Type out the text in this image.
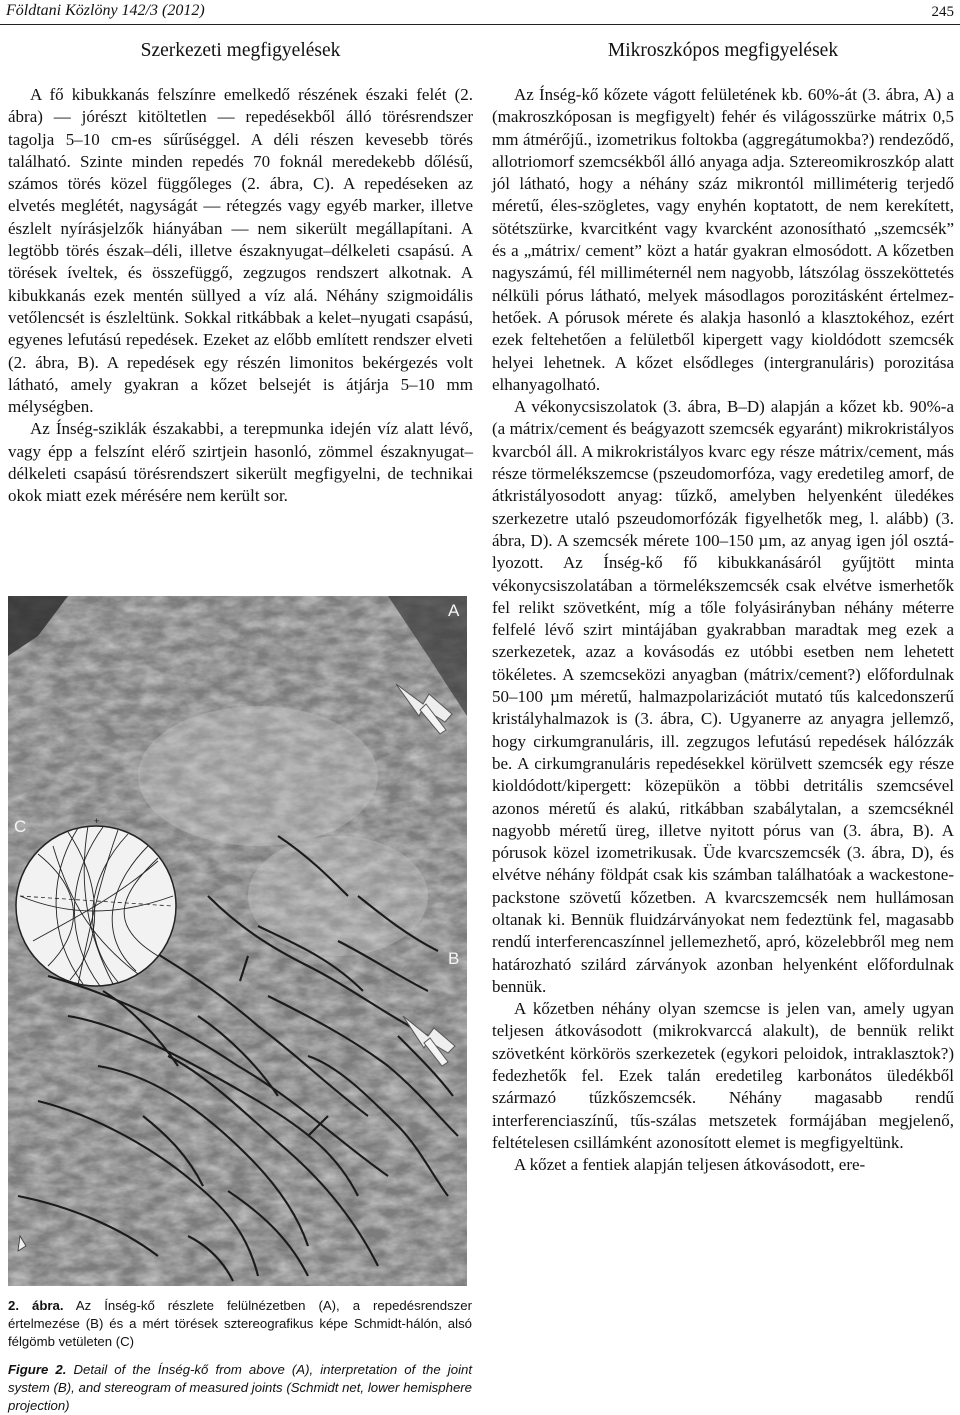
Földtani Közlöny 142/3 (2012)	245
Szerkezeti megfigyelések

A fő kibukkanás felszínre emelkedő részének északi felét (2. ábra) — jórészt kitöltetlen — repedésekből álló törésrendszer tagolja 5–10 cm-es sűrűséggel. A déli részen kevesebb törés található. Szinte minden repedés 70 foknál meredekebb dőlésű, számos törés közel függőleges (2. ábra, C). A repedéseken az elvetés meglétét, nagyságát — rétegzés vagy egyéb marker, illetve észlelt nyírásjelzők hiányában — nem sikerült megállapítani. A legtöbb törés észak–déli, illetve északnyugat–délkeleti csapású. A törések íveltek, és összefüggő, zegzugos rendszert alkotnak. A kibukkanás ezek mentén süllyed a víz alá. Néhány szigmoidális vetőlencsét is észleltünk. Sokkal ritkábbak a kelet–nyugati csapású, egyenes lefutású repedések. Ezeket az előbb említett rendszer elveti (2. ábra, B). A repedések egy részén limonitos bekérgezés volt látható, amely gyakran a kőzet belsejét is átjárja 5–10 mm mélységben.

Az Ínség-sziklák északabbi, a terepmunka idején víz alatt lévő, vagy épp a felszínt elérő szirtjein hasonló, zömmel északnyugat–délkeleti csapású törésrendszert sikerült megfigyelni, de technikai okok miatt ezek mérésére nem került sor.

+
A
B
C

2. ábra. Az Ínség-kő részlete felülnézetben (A), a repedésrendszer értelmezése (B) és a mért törések sztereografikus képe Schmidt-hálón, alsó félgömb vetületen (C)

Figure 2. Detail of the Ínség-kő from above (A), interpretation of the joint system (B), and stereogram of measured joints (Schmidt net, lower hemisphere projection)

Mikroszkópos megfigyelések

Az Ínség-kő kőzete vágott felületének kb. 60%-át (3. ábra, A) a (makroszkóposan is megfigyelt) fehér és világosszürke mátrix 0,5 mm átmérőjű., izometrikus foltokba (aggregátumokba?) rendeződő, allotriomorf szemcsékből álló anyaga adja. Sztereomikroszkóp alatt jól látható, hogy a néhány száz mikrontól milliméterig terjedő méretű, éles-szögletes, vagy enyhén koptatott, de nem kerekített, sötétszürke, kvarcitként vagy kvarcként azonosítható „szemcsék” és a „mátrix/ cement” közt a határ gyakran elmosódott. A kőzetben nagyszámú, fél milliméternél nem nagyobb, látszólag összeköttetés nélküli pórus látható, melyek másodlagos porozitásként értelmezhetőek. A pórusok mérete és alakja hasonló a klasztokéhoz, ezért ezek feltehetően a felületből kipergett vagy kioldódott szemcsék helyei lehetnek. A kőzet elsődleges (intergranuláris) porozitása elhanyagolható.

A vékonycsiszolatok (3. ábra, B–D) alapján a kőzet kb. 90%-a (a mátrix/cement és beágyazott szemcsék egyaránt) mikrokristályos kvarcból áll. A mikrokristályos kvarc egy része mátrix/cement, más része törmelékszemcse (pszeudomorfóza, vagy eredetileg amorf, de átkristályosodott anyag: tűzkő, amelyben helyenként üledékes szerkezetre utaló pszeudomorfózák figyelhetők meg, l. alább) (3. ábra, D). A szemcsék mérete 100–150 µm, az anyag igen jól osztályozott. Az Ínség-kő fő kibukkanásáról gyűjtött minta vékonycsiszolatában a törmelékszemcsék csak elvétve ismerhetők fel relikt szövetként, míg a tőle folyásirányban néhány méterre felfelé lévő szirt mintájában gyakrabban maradtak meg ezek a szerkezetek, azaz a kovásodás ez utóbbi esetben nem lehetett tökéletes. A szemcseközi anyagban (mátrix/cement?) előfordulnak 50–100 µm méretű, halmazpolarizációt mutató tűs kalcedonszerű kristályhalmazok is (3. ábra, C). Ugyanerre az anyagra jellemző, hogy cirkumgranuláris, ill. zegzugos lefutású repedések hálózzák be. A cirkumgranuláris repedésekkel körülvett szemcsék egy része kioldódott/kipergett: közepükön a többi detritális szemcsével azonos méretű és alakú, ritkábban szabálytalan, a szemcséknél nagyobb méretű üreg, illetve nyitott pórus van (3. ábra, B). A pórusok közel izometrikusak. Üde kvarcszemcsék (3. ábra, D), és elvétve néhány földpát csak kis számban találhatóak a wackestone-packstone szövetű kőzetben. A kvarcszemcsék nem hullámosan oltanak ki. Bennük fluidzárványokat nem fedeztünk fel, magasabb rendű interferencaszínnel jellemezhető, apró, közelebbről meg nem határozható szilárd zárványok azonban helyenként előfordulnak bennük.

A kőzetben néhány olyan szemcse is jelen van, amely ugyan teljesen átkovásodott (mikrokvarccá alakult), de bennük relikt szövetként körkörös szerkezetek (egykori peloidok, intraklasztok?) fedezhetők fel. Ezek talán eredetileg karbonátos üledékből származó tűzkőszemcsék. Néhány magasabb rendű interferenciaszínű, tűs-szálas metszetek formájában megjelenő, feltételesen csillámként azonosított elemet is megfigyeltünk.

A kőzet a fentiek alapján teljesen átkovásodott, ere-
